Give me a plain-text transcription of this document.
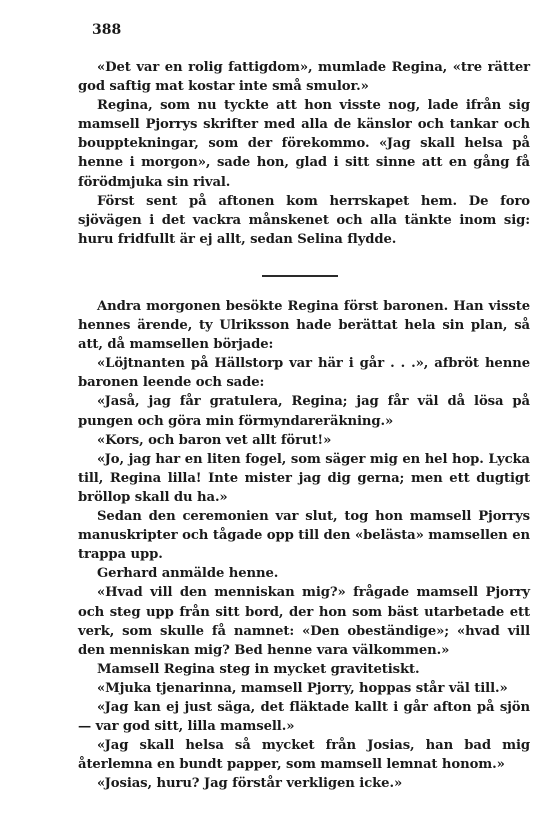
388

«Det var en rolig fattigdom», mumlade Regina, «tre rätter god saftig mat kostar inte små smulor.»

Regina, som nu tyckte att hon visste nog, lade ifrån sig mamsell Pjorrys skrifter med alla de känslor och tankar och boupptekningar, som der förekommo. «Jag skall helsa på henne i morgon», sade hon, glad i sitt sinne att en gång få förödmjuka sin rival.

Först sent på aftonen kom herrskapet hem. De foro sjövägen i det vackra månskenet och alla tänkte inom sig: huru fridfullt är ej allt, sedan Selina flydde.

Andra morgonen besökte Regina först baronen. Han visste hennes ärende, ty Ulriksson hade berättat hela sin plan, så att, då mamsellen började:

«Löjtnanten på Hällstorp var här i går . . .», afbröt henne baronen leende och sade:

«Jaså, jag får gratulera, Regina; jag får väl då lösa på pungen och göra min förmyndareräkning.»

«Kors, och baron vet allt förut!»

«Jo, jag har en liten fogel, som säger mig en hel hop. Lycka till, Regina lilla! Inte mister jag dig gerna; men ett dugtigt bröllop skall du ha.»

Sedan den ceremonien var slut, tog hon mamsell Pjorrys manuskripter och tågade opp till den «belästa» mamsellen en trappa upp.

Gerhard anmälde henne.

«Hvad vill den menniskan mig?» frågade mamsell Pjorry och steg upp från sitt bord, der hon som bäst utarbetade ett verk, som skulle få namnet: «Den obeständige»; «hvad vill den menniskan mig? Bed henne vara välkommen.»

Mamsell Regina steg in mycket gravitetiskt.

«Mjuka tjenarinna, mamsell Pjorry, hoppas står väl till.»

«Jag kan ej just säga, det fläktade kallt i går afton på sjön — var god sitt, lilla mamsell.»

«Jag skall helsa så mycket från Josias, han bad mig återlemna en bundt papper, som mamsell lemnat honom.»

«Josias, huru? Jag förstår verkligen icke.»
